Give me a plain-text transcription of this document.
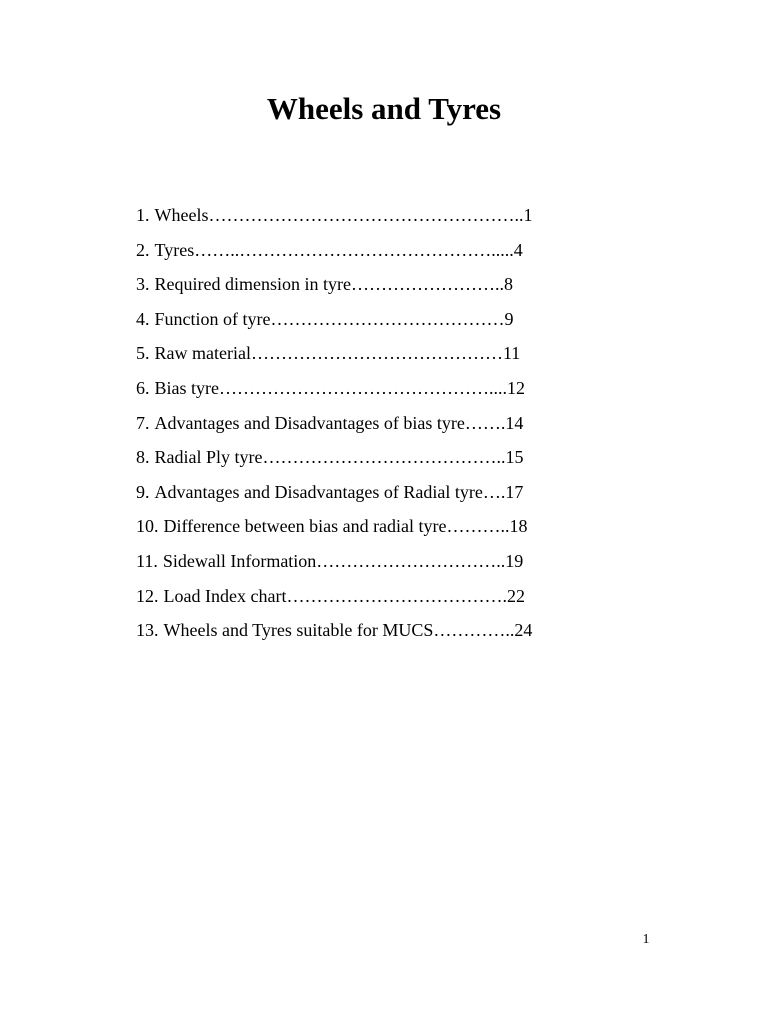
Wheels and Tyres
1. Wheels……………………………………………..1
2. Tyres……..…………………………………….....4
3. Required dimension in tyre……………………..8
4. Function of tyre…………………………………9
5. Raw material……………………………………11
6. Bias tyre………………………………………....12
7. Advantages and Disadvantages of bias tyre…….14
8. Radial Ply tyre…………………………………..15
9. Advantages and Disadvantages of Radial tyre….17
10. Difference between bias and radial tyre………..18
11. Sidewall Information…………………………..19
12. Load Index chart……………………………….22
13. Wheels and Tyres suitable for MUCS…………..24
1
